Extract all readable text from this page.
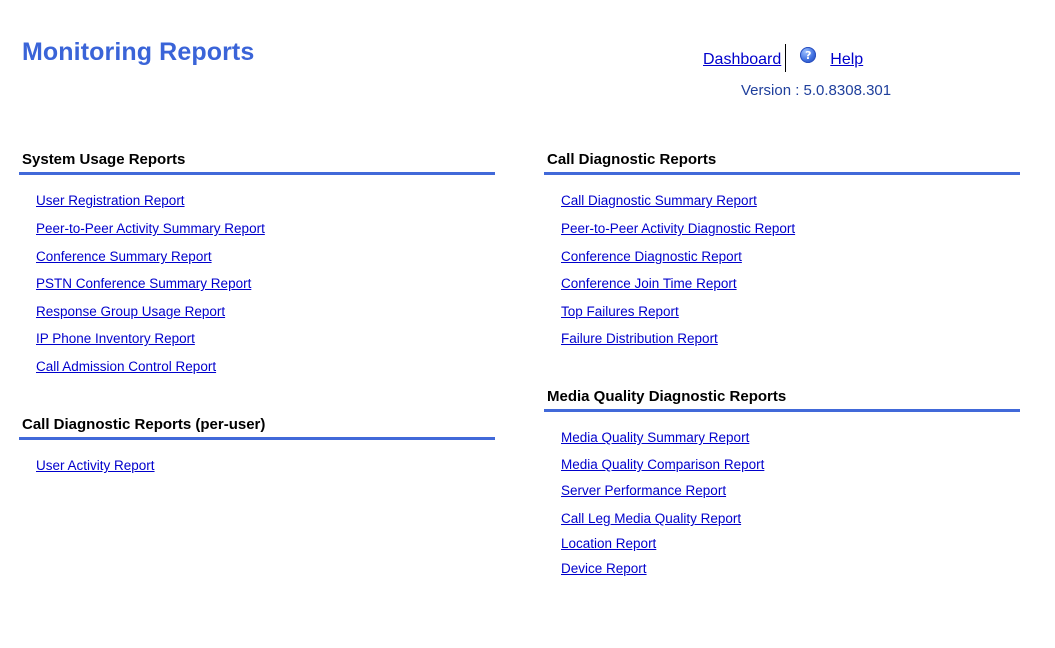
Monitoring Reports	Dashboard	?	Help
Version : 5.0.8308.301
System Usage Reports
User Registration Report
Peer-to-Peer Activity Summary Report
Conference Summary Report
PSTN Conference Summary Report
Response Group Usage Report
IP Phone Inventory Report
Call Admission Control Report
Call Diagnostic Reports (per-user)
User Activity Report
Call Diagnostic Reports
Call Diagnostic Summary Report
Peer-to-Peer Activity Diagnostic Report
Conference Diagnostic Report
Conference Join Time Report
Top Failures Report
Failure Distribution Report
Media Quality Diagnostic Reports
Media Quality Summary Report
Media Quality Comparison Report
Server Performance Report
Call Leg Media Quality Report
Location Report
Device Report
